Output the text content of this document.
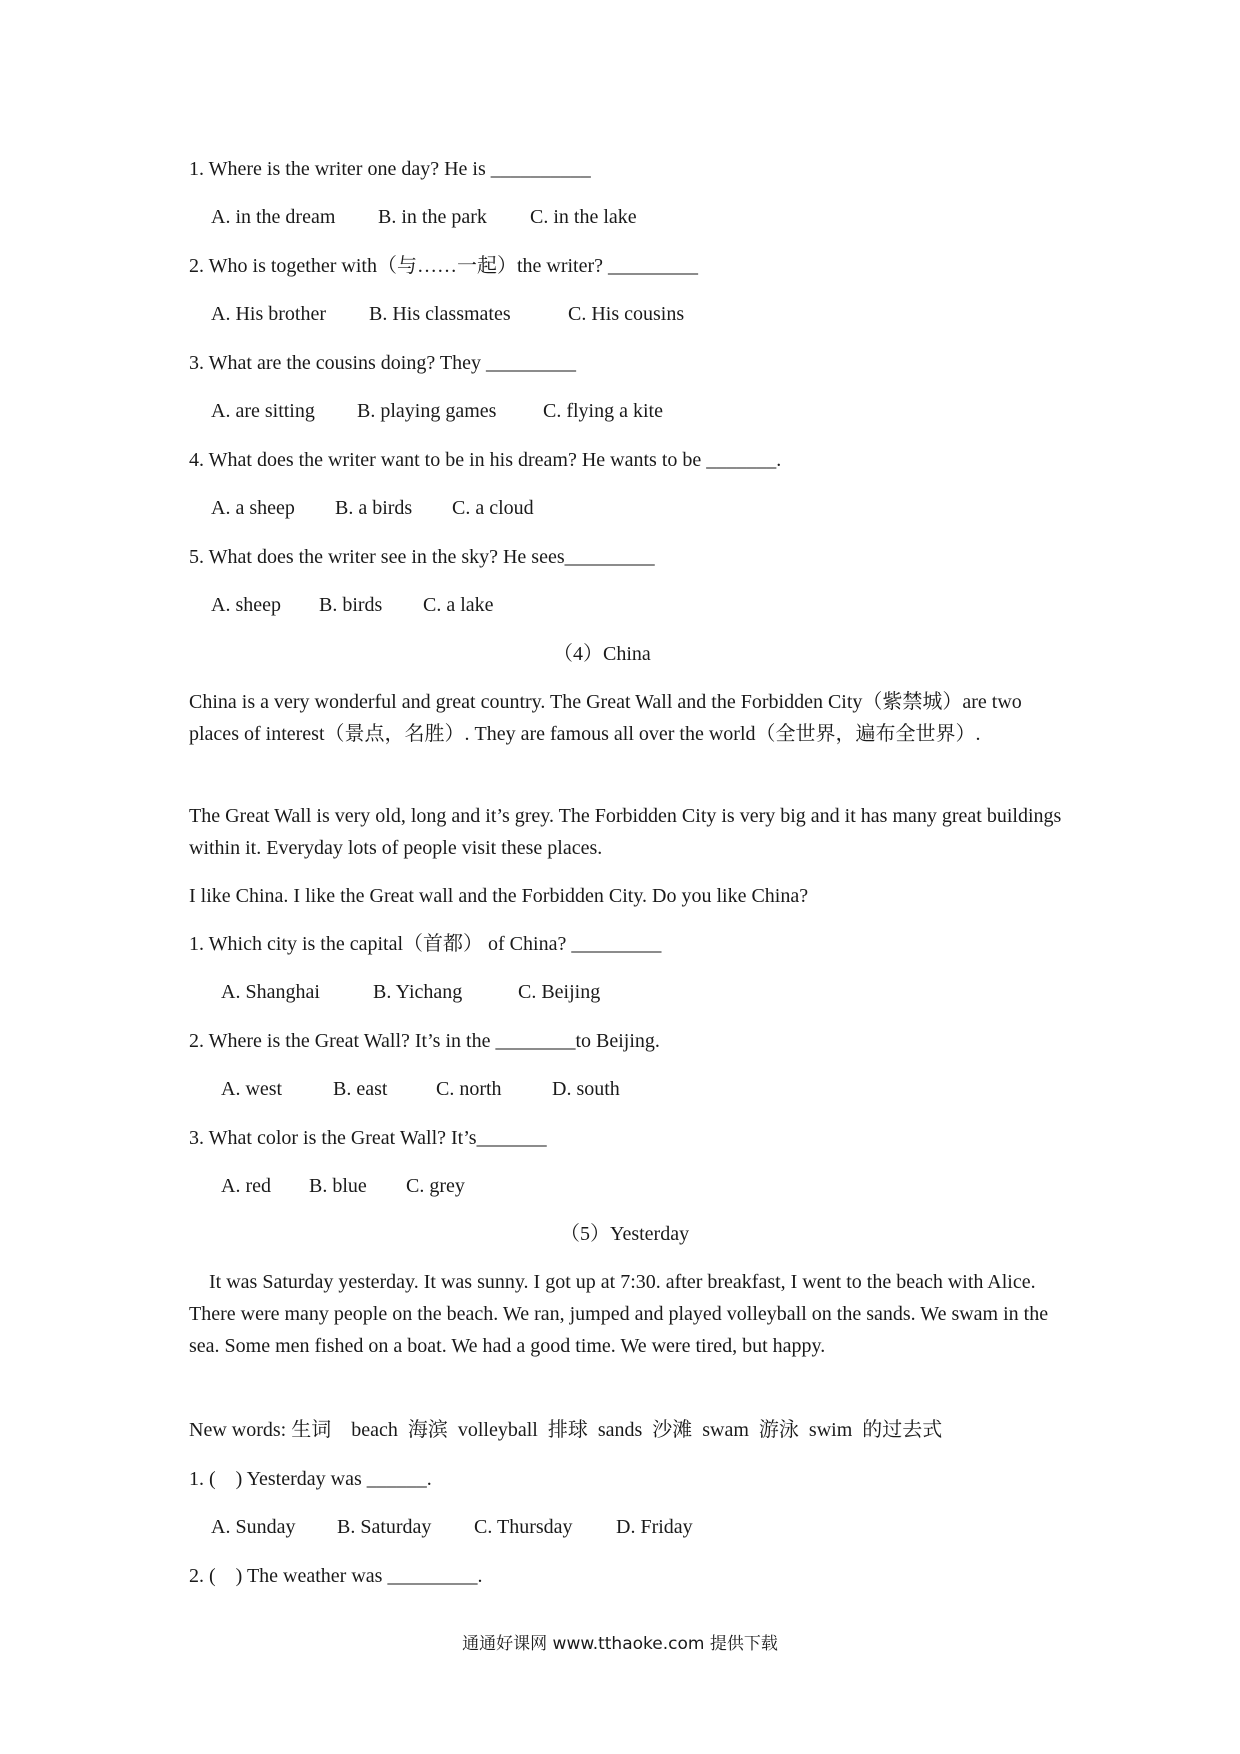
1. Where is the writer one day? He is __________
A. in the dream B. in the park C. in the lake
2. Who is together with（与……一起）the writer? _________
A. His brother B. His classmates	C. His cousins
3. What are the cousins doing? They _________
A. are sitting B. playing games C. flying a kite
4. What does the writer want to be in his dream? He wants to be _______.
A. a sheep B. a birds C. a cloud
5. What does the writer see in the sky? He sees_________
A. sheep B. birds C. a lake
（4）China

China is a very wonderful and great country. The Great Wall and the Forbidden City（紫禁城）are two places of interest（景点，名胜）. They are famous all over the world（全世界，遍布全世界）.

The Great Wall is very old, long and it’s grey. The Forbidden City is very big and it has many great buildings within it. Everyday lots of people visit these places.

I like China. I like the Great wall and the Forbidden City. Do you like China?

1. Which city is the capital（首都） of China? _________
A. Shanghai	B. Yichang	C. Beijing
2. Where is the Great Wall? It’s in the ________to Beijing.
A. west	B. east C. north	D. south
3. What color is the Great Wall? It’s_______
A. red B. blue C. grey
（5）Yesterday

It was Saturday yesterday. It was sunny. I got up at 7:30. after breakfast, I went to the beach with Alice. There were many people on the beach. We ran, jumped and played volleyball on the sands. We swam in the sea. Some men fished on a boat. We had a good time. We were tired, but happy.

New words: 生词    beach  海滨  volleyball  排球  sands  沙滩  swam  游泳  swim  的过去式
1. (    ) Yesterday was ______.
A. Sunday B. Saturday C. Thursday D. Friday
2. (    ) The weather was _________.
通通好课网 www.tthaoke.com 提供下载
